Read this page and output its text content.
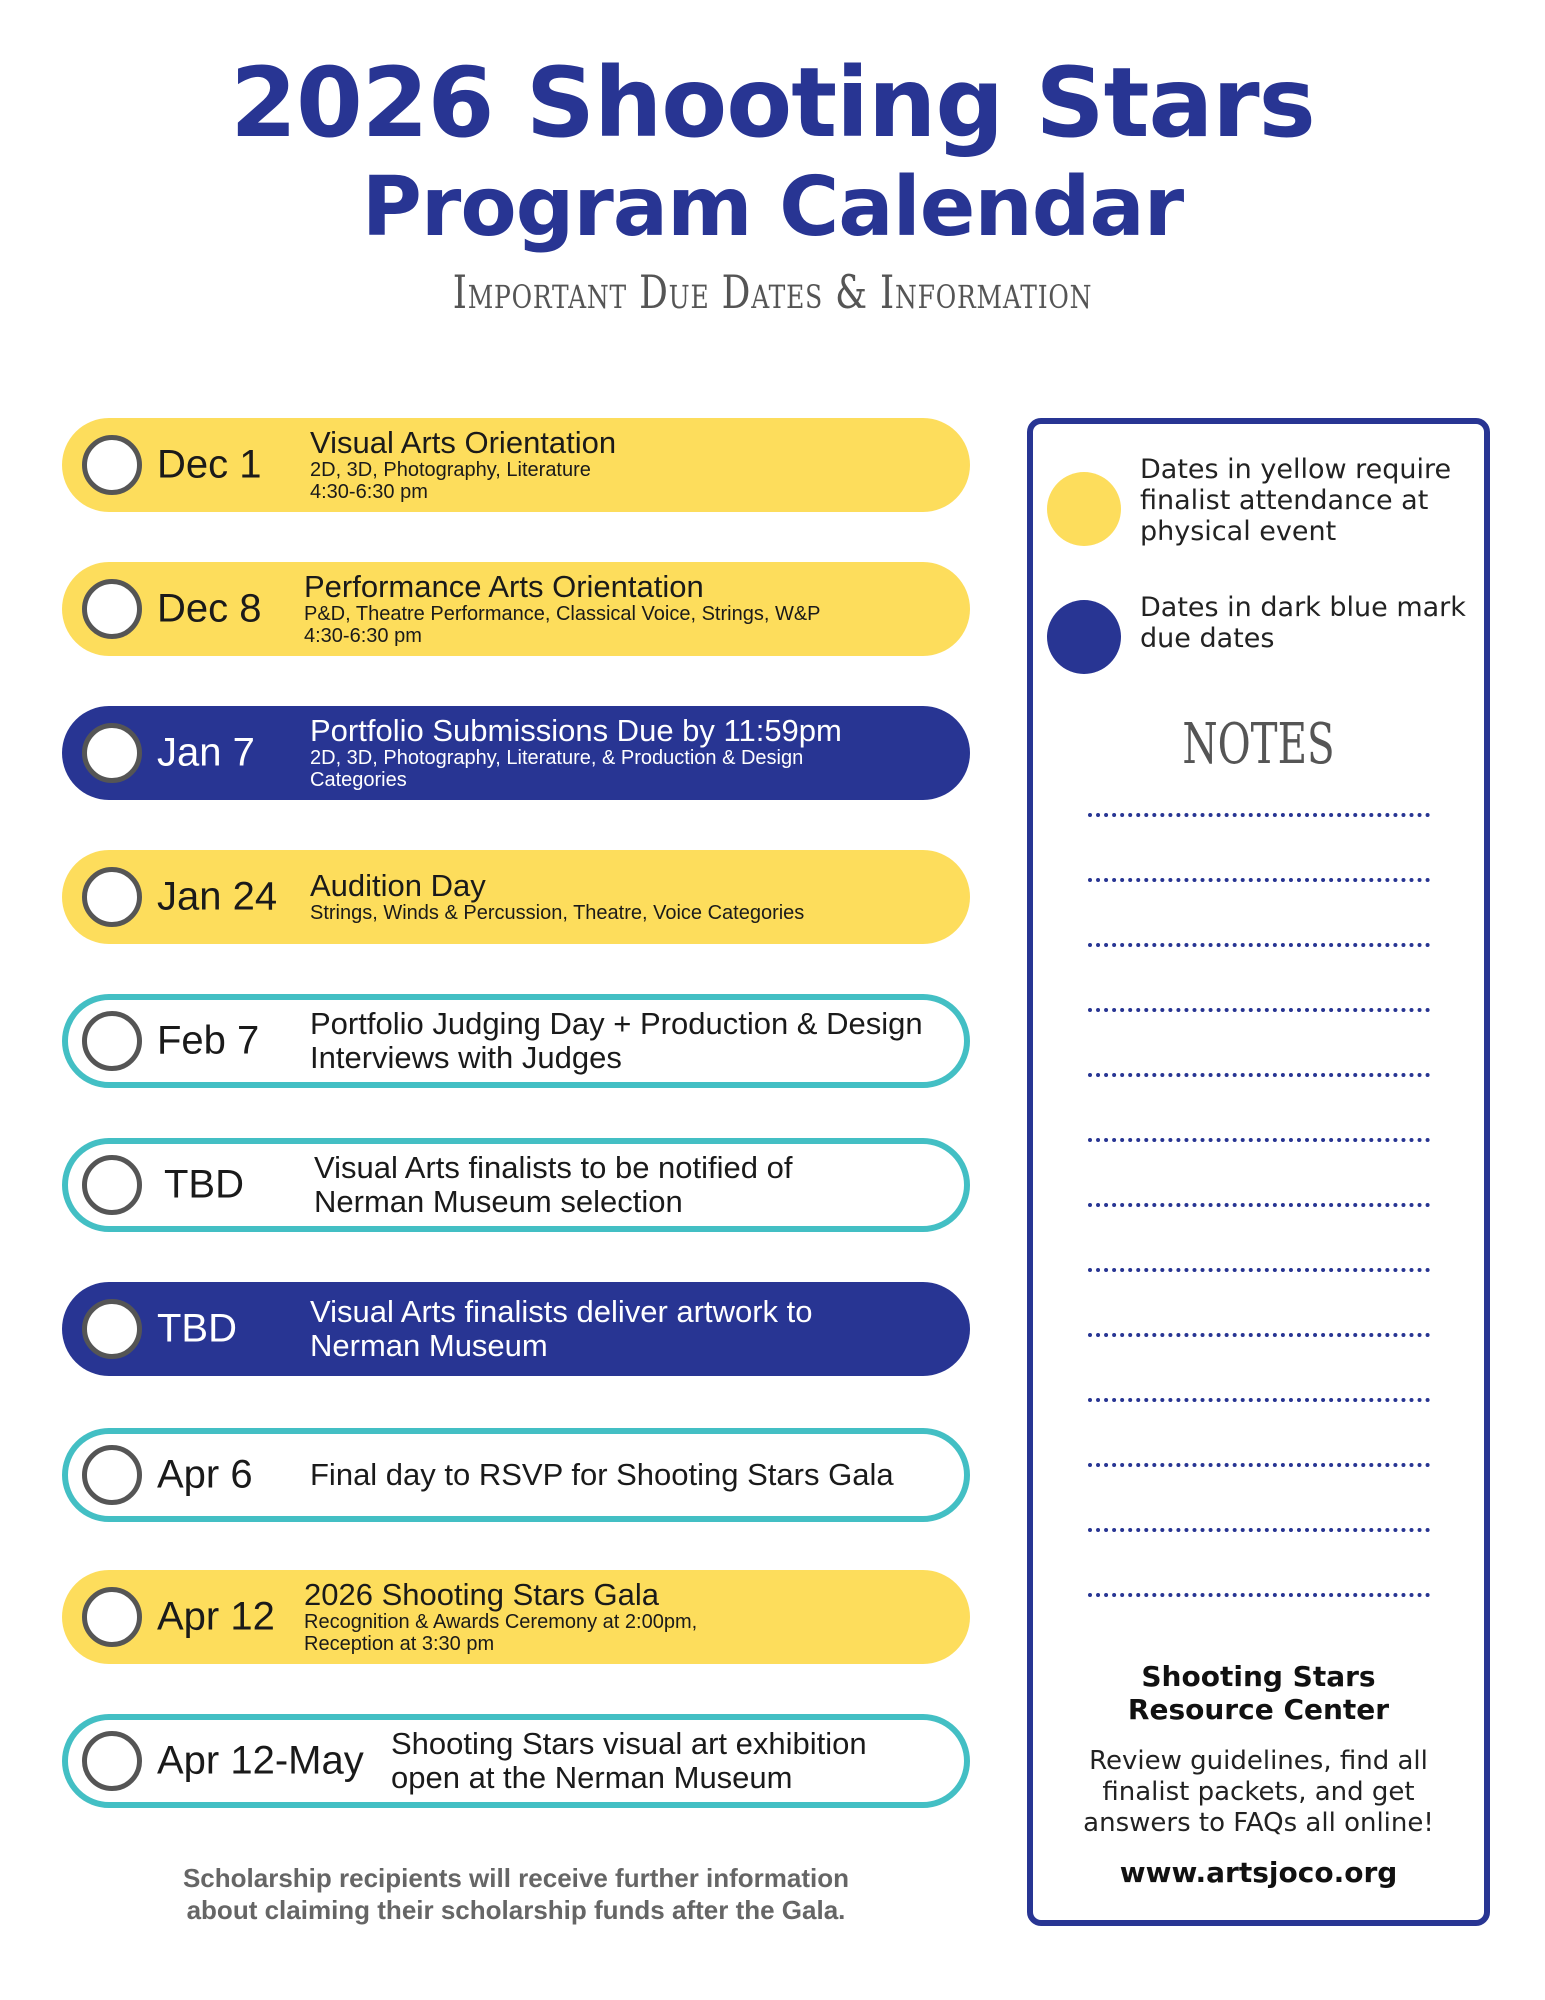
2026 Shooting Stars
Program Calendar
Important Due Dates & Information
Dec 1 Visual Arts Orientation
2D, 3D, Photography, Literature
4:30-6:30 pm
Dec 8 Performance Arts Orientation
P&D, Theatre Performance, Classical Voice, Strings, W&P
4:30-6:30 pm
Jan 7 Portfolio Submissions Due by 11:59pm
2D, 3D, Photography, Literature, & Production & Design
Categories
Jan 24 Audition Day
Strings, Winds & Percussion, Theatre, Voice Categories
Feb 7 Portfolio Judging Day + Production & Design
Interviews with Judges
TBD Visual Arts finalists to be notified of
Nerman Museum selection
TBD Visual Arts finalists deliver artwork to
Nerman Museum
Apr 6 Final day to RSVP for Shooting Stars Gala
Apr 12 2026 Shooting Stars Gala
Recognition & Awards Ceremony at 2:00pm,
Reception at 3:30 pm
Apr 12-May Shooting Stars visual art exhibition
open at the Nerman Museum
Scholarship recipients will receive further information
about claiming their scholarship funds after the Gala.
Dates in yellow require finalist attendance at physical event
Dates in dark blue mark due dates
NOTES
Shooting Stars
Resource Center
Review guidelines, find all
finalist packets, and get
answers to FAQs all online!
www.artsjoco.org
